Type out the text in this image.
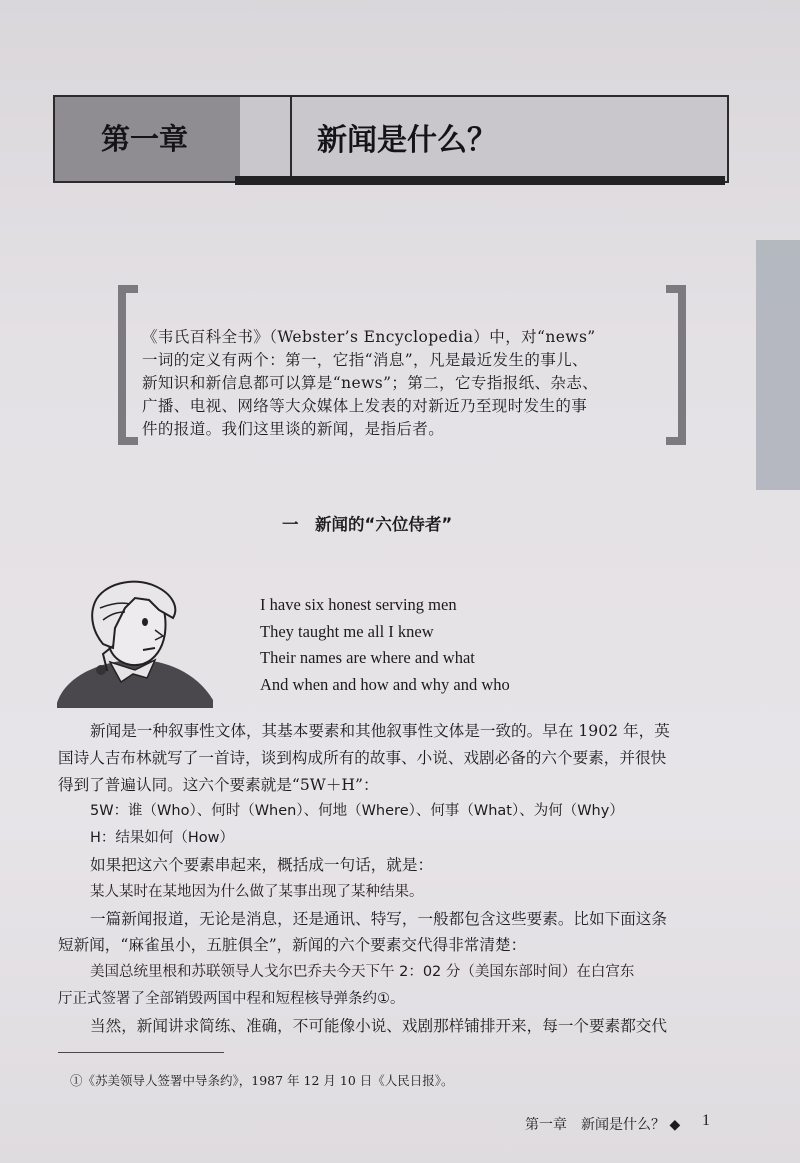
第一章	新闻是什么？

《韦氏百科全书》（Webster’s Encyclopedia）中，对“news”

一词的定义有两个：第一，它指“消息”，凡是最近发生的事儿、

新知识和新信息都可以算是“news”；第二，它专指报纸、杂志、

广播、电视、网络等大众媒体上发表的对新近乃至现时发生的事

件的报道。我们这里谈的新闻，是指后者。

一　新闻的“六位侍者”
I have six honest serving men
They taught me all I knew
Their names are where and what
And when and how and why and who
新闻是一种叙事性文体，其基本要素和其他叙事性文体是一致的。早在 1902 年，英
国诗人吉布林就写了一首诗，谈到构成所有的故事、小说、戏剧必备的六个要素，并很快
得到了普遍认同。这六个要素就是“5W＋H”：
5W：谁（Who）、何时（When）、何地（Where）、何事（What）、为何（Why）
H：结果如何（How）
如果把这六个要素串起来，概括成一句话，就是：
某人某时在某地因为什么做了某事出现了某种结果。
一篇新闻报道，无论是消息，还是通讯、特写，一般都包含这些要素。比如下面这条
短新闻，“麻雀虽小，五脏俱全”，新闻的六个要素交代得非常清楚：
美国总统里根和苏联领导人戈尔巴乔夫今天下午 2：02 分（美国东部时间）在白宫东
厅正式签署了全部销毁两国中程和短程核导弹条约①。
当然，新闻讲求简练、准确，不可能像小说、戏剧那样铺排开来，每一个要素都交代
①《苏美领导人签署中导条约》，1987 年 12 月 10 日《人民日报》。
第一章　新闻是什么？ ◆ 1
